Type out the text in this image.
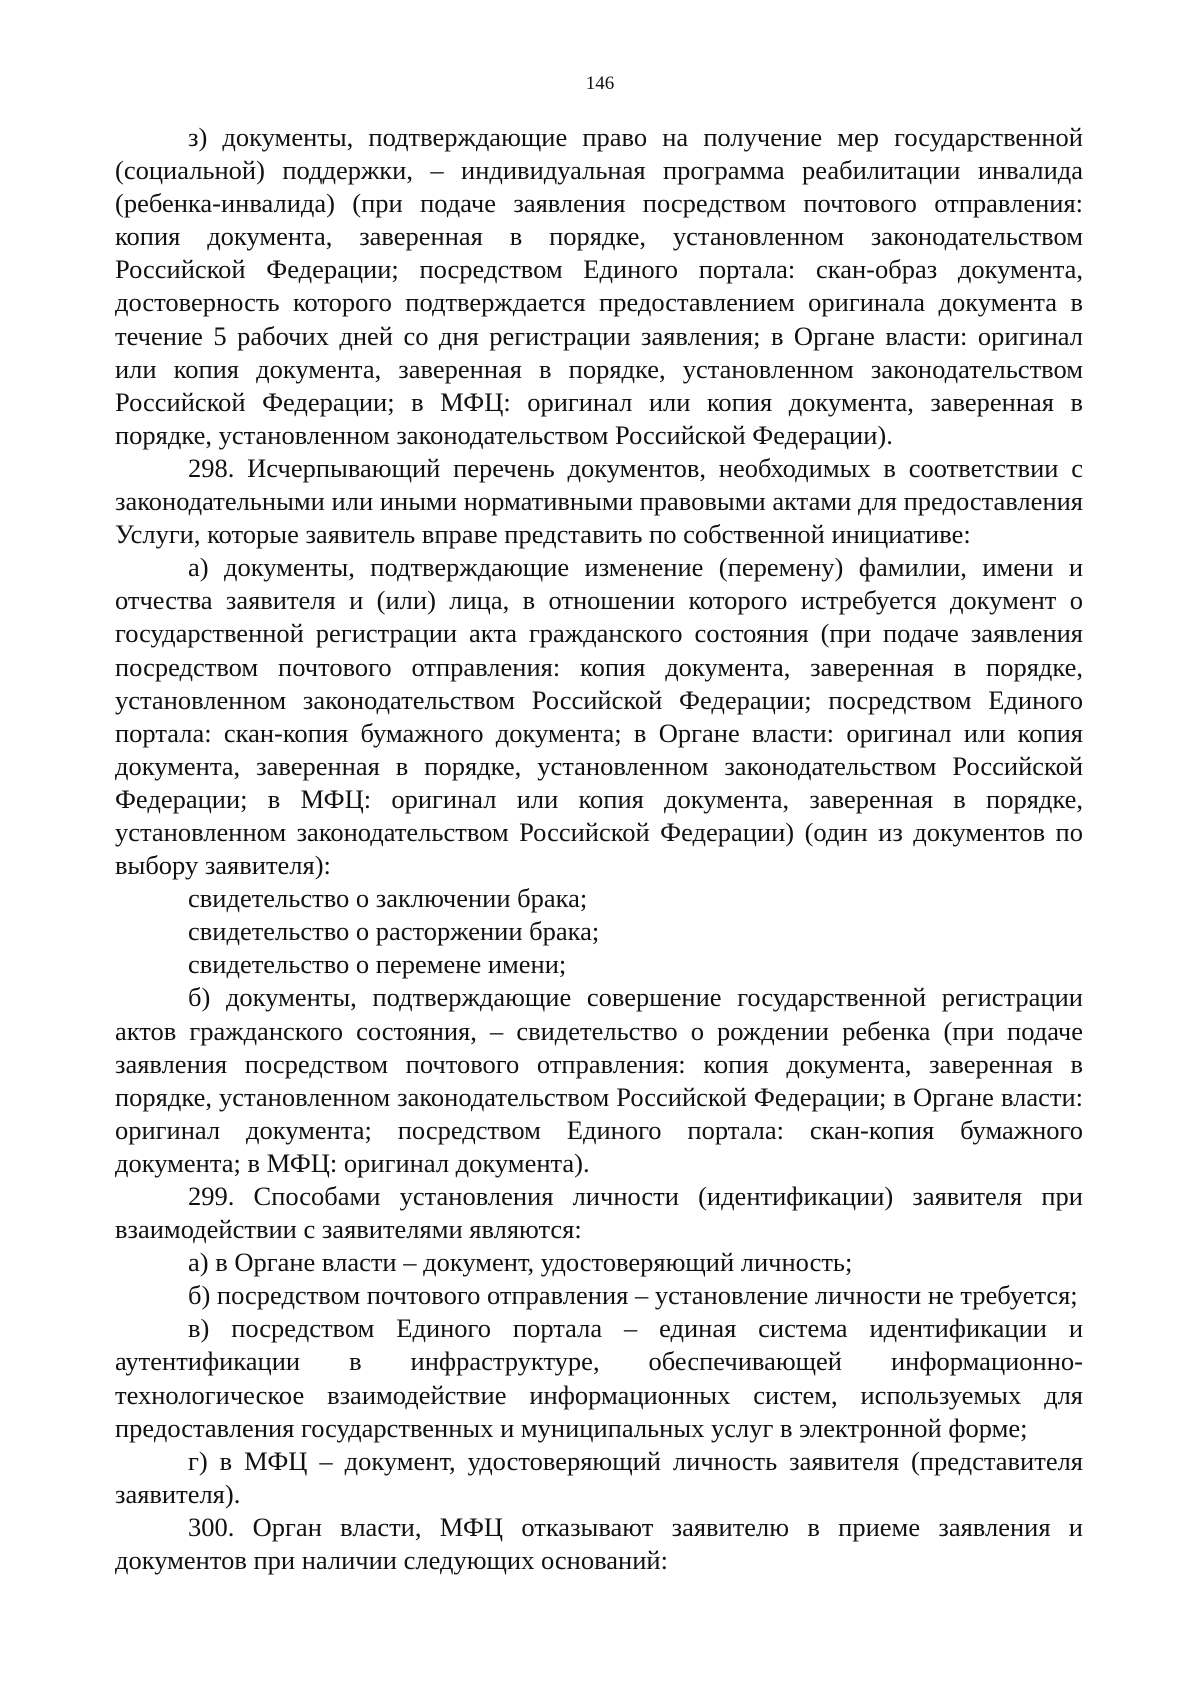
146

з) документы, подтверждающие право на получение мер государственной (социальной) поддержки, – индивидуальная программа реабилитации инвалида (ребенка-инвалида) (при подаче заявления посредством почтового отправления: копия документа, заверенная в порядке, установленном законодательством Российской Федерации; посредством Единого портала: скан-образ документа, достоверность которого подтверждается предоставлением оригинала документа в течение 5 рабочих дней со дня регистрации заявления; в Органе власти: оригинал или копия документа, заверенная в порядке, установленном законодательством Российской Федерации; в МФЦ: оригинал или копия документа, заверенная в порядке, установленном законодательством Российской Федерации).

298. Исчерпывающий перечень документов, необходимых в соответствии с законодательными или иными нормативными правовыми актами для предоставления Услуги, которые заявитель вправе представить по собственной инициативе:

а) документы, подтверждающие изменение (перемену) фамилии, имени и отчества заявителя и (или) лица, в отношении которого истребуется документ о государственной регистрации акта гражданского состояния (при подаче заявления посредством почтового отправления: копия документа, заверенная в порядке, установленном законодательством Российской Федерации; посредством Единого портала: скан-копия бумажного документа; в Органе власти: оригинал или копия документа, заверенная в порядке, установленном законодательством Российской Федерации; в МФЦ: оригинал или копия документа, заверенная в порядке, установленном законодательством Российской Федерации) (один из документов по выбору заявителя):

свидетельство о заключении брака;

свидетельство о расторжении брака;

свидетельство о перемене имени;

б) документы, подтверждающие совершение государственной регистрации актов гражданского состояния, – свидетельство о рождении ребенка (при подаче заявления посредством почтового отправления: копия документа, заверенная в порядке, установленном законодательством Российской Федерации; в Органе власти: оригинал документа; посредством Единого портала: скан-копия бумажного документа; в МФЦ: оригинал документа).

299. Способами установления личности (идентификации) заявителя при взаимодействии с заявителями являются:

а) в Органе власти – документ, удостоверяющий личность;

б) посредством почтового отправления – установление личности не требуется;

в) посредством Единого портала – единая система идентификации и аутентификации в инфраструктуре, обеспечивающей информационно-технологическое взаимодействие информационных систем, используемых для предоставления государственных и муниципальных услуг в электронной форме;

г) в МФЦ – документ, удостоверяющий личность заявителя (представителя заявителя).

300. Орган власти, МФЦ отказывают заявителю в приеме заявления и документов при наличии следующих оснований:
